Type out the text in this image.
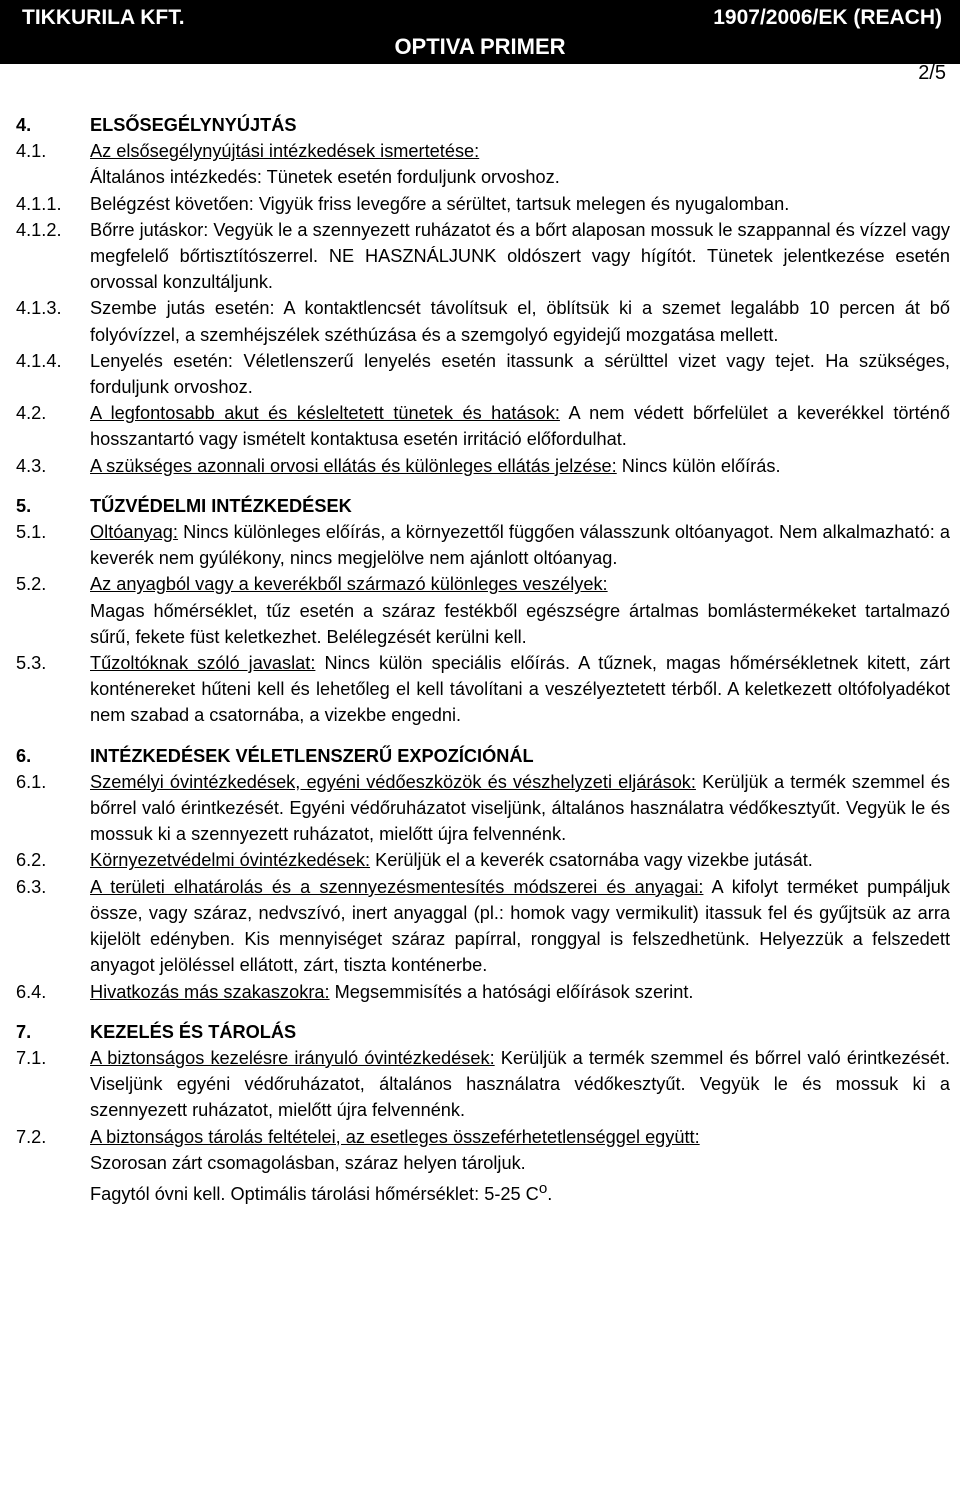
TIKKURILA KFT.	1907/2006/EK (REACH)
OPTIVA PRIMER
2/5
4.	ELSŐSEGÉLYNYÚJTÁS
4.1.	Az elsősegélynyújtási intézkedések ismertetése:
Általános intézkedés: Tünetek esetén forduljunk orvoshoz.
4.1.1.	Belégzést követően: Vigyük friss levegőre a sérültet, tartsuk melegen és nyugalomban.
4.1.2.	Bőrre jutáskor: Vegyük le a szennyezett ruházatot és a bőrt alaposan mossuk le szappannal és vízzel vagy megfelelő bőrtisztítószerrel. NE HASZNÁLJUNK oldószert vagy hígítót. Tünetek jelentkezése esetén orvossal konzultáljunk.
4.1.3.	Szembe jutás esetén: A kontaktlencsét távolítsuk el, öblítsük ki a szemet legalább 10 percen át bő folyóvízzel, a szemhéjszélek széthúzása és a szemgolyó egyidejű mozgatása mellett.
4.1.4.	Lenyelés esetén: Véletlenszerű lenyelés esetén itassunk a sérülttel vizet vagy tejet. Ha szükséges, forduljunk orvoshoz.
4.2.	A legfontosabb akut és késleltetett tünetek és hatások: A nem védett bőrfelület a keverékkel történő hosszantartó vagy ismételt kontaktusa esetén irritáció előfordulhat.
4.3.	A szükséges azonnali orvosi ellátás és különleges ellátás jelzése: Nincs külön előírás.
5.	TŰZVÉDELMI INTÉZKEDÉSEK
5.1.	Oltóanyag: Nincs különleges előírás, a környezettől függően válasszunk oltóanyagot. Nem alkalmazható: a keverék nem gyúlékony, nincs megjelölve nem ajánlott oltóanyag.
5.2.	Az anyagból vagy a keverékből származó különleges veszélyek:
Magas hőmérséklet, tűz esetén a száraz festékből egészségre ártalmas bomlástermékeket tartalmazó sűrű, fekete füst keletkezhet. Belélegzését kerülni kell.
5.3.	Tűzoltóknak szóló javaslat: Nincs külön speciális előírás. A tűznek, magas hőmérsékletnek kitett, zárt konténereket hűteni kell és lehetőleg el kell távolítani a veszélyeztetett térből. A keletkezett oltófolyadékot nem szabad a csatornába, a vizekbe engedni.
6.	INTÉZKEDÉSEK VÉLETLENSZERŰ EXPOZÍCIÓNÁL
6.1.	Személyi óvintézkedések, egyéni védőeszközök és vészhelyzeti eljárások: Kerüljük a termék szemmel és bőrrel való érintkezését. Egyéni védőruházatot viseljünk, általános használatra védőkesztyűt. Vegyük le és mossuk ki a szennyezett ruházatot, mielőtt újra felvennénk.
6.2.	Környezetvédelmi óvintézkedések: Kerüljük el a keverék csatornába vagy vizekbe jutását.
6.3.	A területi elhatárolás és a szennyezésmentesítés módszerei és anyagai: A kifolyt terméket pumpáljuk össze, vagy száraz, nedvszívó, inert anyaggal (pl.: homok vagy vermikulit) itassuk fel és gyűjtsük az arra kijelölt edényben. Kis mennyiséget száraz papírral, ronggyal is felszedhetünk. Helyezzük a felszedett anyagot jelöléssel ellátott, zárt, tiszta konténerbe.
6.4.	Hivatkozás más szakaszokra: Megsemmisítés a hatósági előírások szerint.
7.	KEZELÉS ÉS TÁROLÁS
7.1.	A biztonságos kezelésre irányuló óvintézkedések: Kerüljük a termék szemmel és bőrrel való érintkezését. Viseljünk egyéni védőruházatot, általános használatra védőkesztyűt. Vegyük le és mossuk ki a szennyezett ruházatot, mielőtt újra felvennénk.
7.2.	A biztonságos tárolás feltételei, az esetleges összeférhetetlenséggel együtt:
Szorosan zárt csomagolásban, száraz helyen tároljuk.
Fagytól óvni kell. Optimális tárolási hőmérséklet: 5-25 $C^o$.
